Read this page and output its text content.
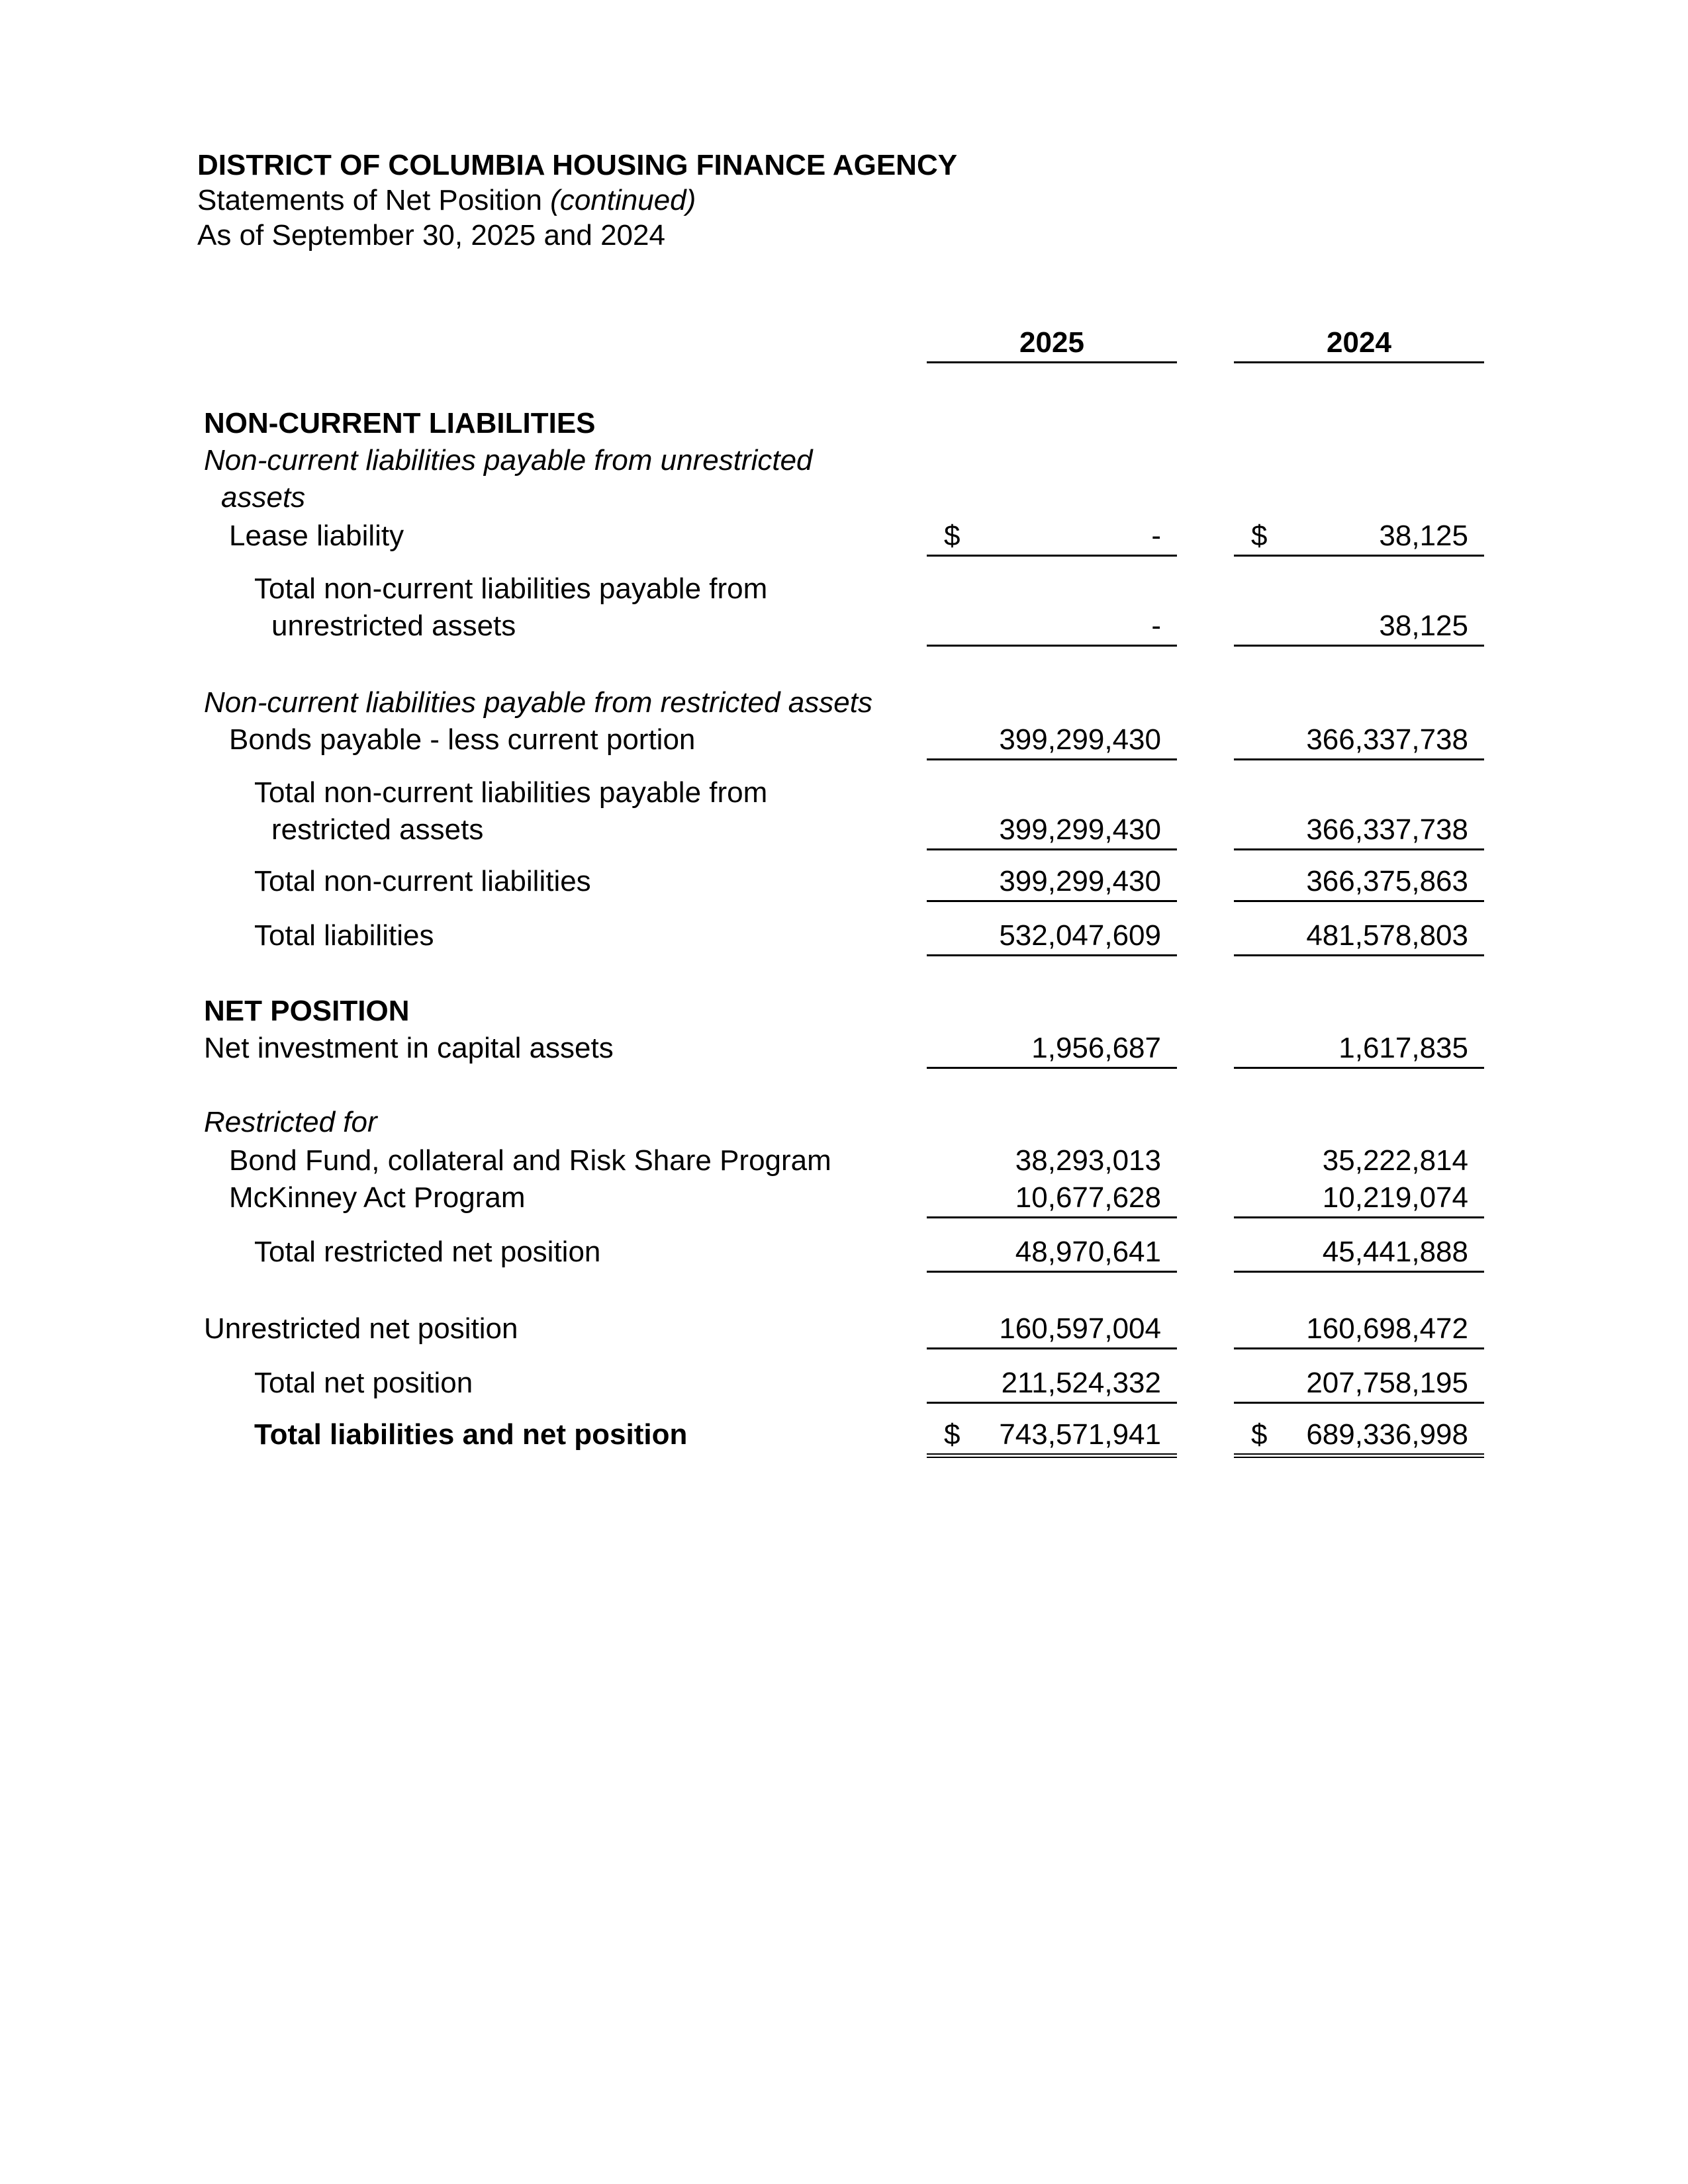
DISTRICT OF COLUMBIA HOUSING FINANCE AGENCY
Statements of Net Position (continued)
As of September 30, 2025 and 2024
2025	2024
NON-CURRENT LIABILITIES
Non-current liabilities payable from unrestricted
assets
Lease liability	$	-	$	38,125
Total non-current liabilities payable from
unrestricted assets	-	38,125
Non-current liabilities payable from restricted assets
Bonds payable - less current portion	399,299,430	366,337,738
Total non-current liabilities payable from
restricted assets	399,299,430	366,337,738
Total non-current liabilities	399,299,430	366,375,863
Total liabilities	532,047,609	481,578,803
NET POSITION
Net investment in capital assets	1,956,687	1,617,835
Restricted for
Bond Fund, collateral and Risk Share Program	38,293,013	35,222,814
McKinney Act Program	10,677,628	10,219,074
Total restricted net position	48,970,641	45,441,888
Unrestricted net position	160,597,004	160,698,472
Total net position	211,524,332	207,758,195
Total liabilities and net position	$ 743,571,941	$ 689,336,998
